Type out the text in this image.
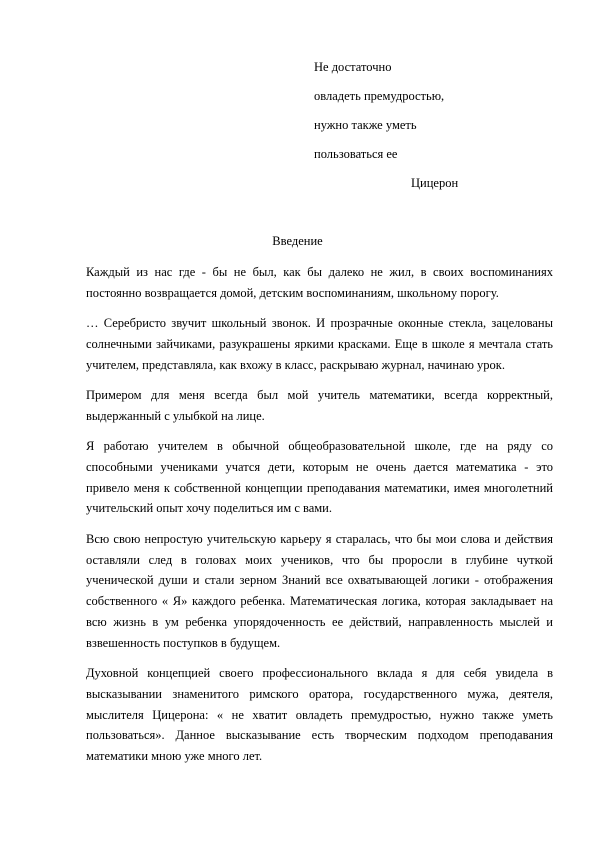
Не достаточно
овладеть премудростью,
нужно также уметь
пользоваться ее
Цицерон
Введение

Каждый из нас где - бы не был, как бы далеко не жил, в своих воспоминаниях постоянно возвращается домой, детским воспоминаниям, школьному порогу.

… Серебристо звучит школьный звонок. И прозрачные оконные стекла, зацелованы солнечными зайчиками, разукрашены яркими красками. Еще в школе я мечтала стать учителем, представляла, как вхожу в класс, раскрываю журнал, начинаю урок.

Примером для меня всегда был мой учитель математики, всегда корректный, выдержанный с улыбкой на лице.

Я работаю учителем в обычной общеобразовательной школе, где на ряду со способными учениками учатся дети, которым не очень дается математика - это привело меня к собственной концепции преподавания математики, имея многолетний учительский опыт хочу поделиться им с вами.

Всю свою непростую учительскую карьеру я старалась, что бы мои слова и действия оставляли след в головах моих учеников, что бы проросли в глубине чуткой ученической души и стали зерном Знаний все охватывающей логики - отображения собственного « Я» каждого ребенка. Математическая логика, которая закладывает на всю жизнь в ум ребенка упорядоченность ее действий, направленность мыслей и взвешенность поступков в будущем.

Духовной концепцией своего профессионального вклада я для себя увидела в высказывании знаменитого римского оратора, государственного мужа, деятеля, мыслителя Цицерона: « не хватит овладеть премудростью, нужно также уметь пользоваться». Данное высказывание есть творческим подходом преподавания математики мною уже много лет.
